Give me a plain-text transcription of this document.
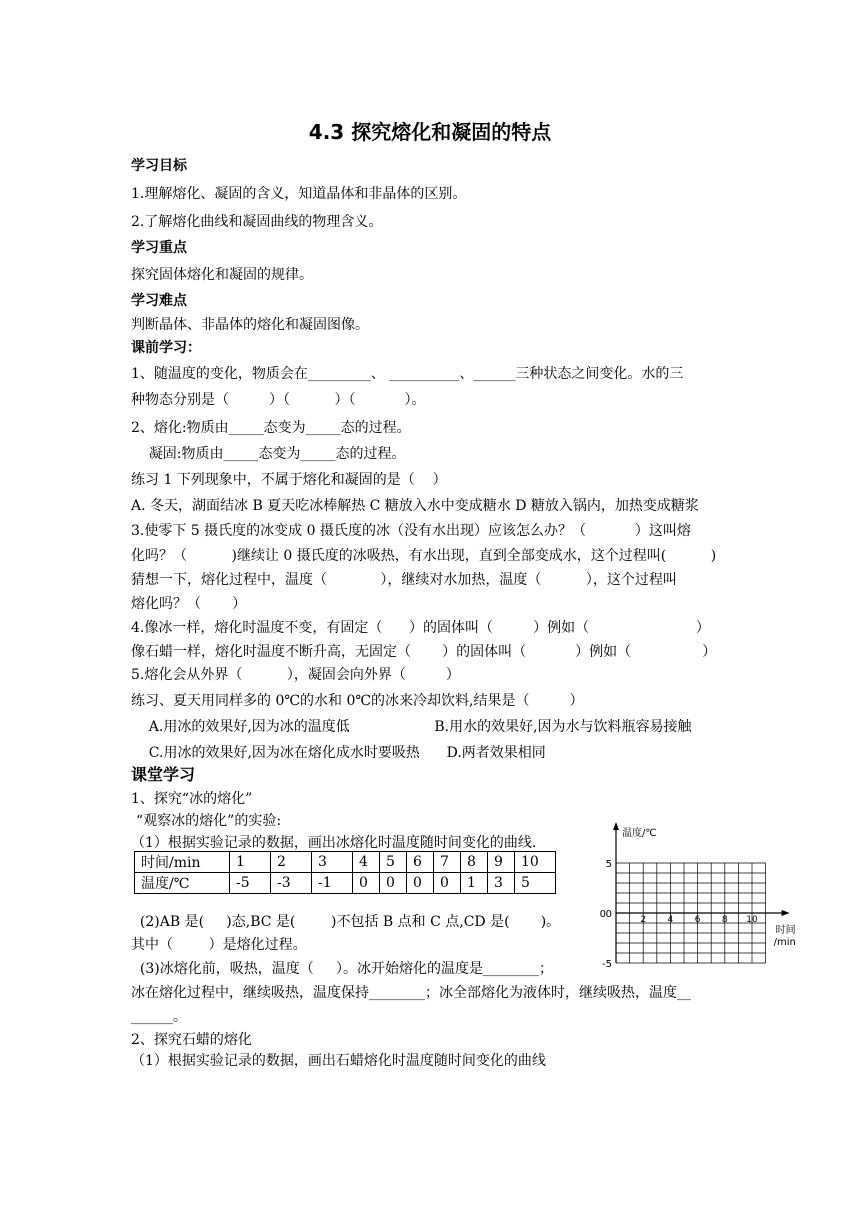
4.3 探究熔化和凝固的特点
学习目标
1.理解熔化、凝固的含义，知道晶体和非晶体的区别。
2.了解熔化曲线和凝固曲线的物理含义。
学习重点
探究固体熔化和凝固的规律。
学习难点
判断晶体、非晶体的熔化和凝固图像。
课前学习：
1、随温度的变化，物质会在_________、 __________、______三种状态之间变化。水的三
种物态分别是（         ）（          ）（           ）。
2、熔化:物质由_____态变为_____态的过程。
凝固:物质由_____态变为_____态的过程。
练习 1 下列现象中，不属于熔化和凝固的是（    ）
A. 冬天，湖面结冰 B 夏天吃冰棒解热 C 糖放入水中变成糖水 D 糖放入锅内，加热变成糖浆
3.使零下 5 摄氏度的冰变成 0 摄氏度的冰（没有水出现）应该怎么办？（           ）这叫熔
化吗？（          )继续让 0 摄氏度的冰吸热，有水出现，直到全部变成水，这个过程叫(          )
猜想一下，熔化过程中，温度（            ），继续对水加热，温度（          ），这个过程叫
熔化吗？（       ）
4.像冰一样，熔化时温度不变，有固定（      ）的固体叫（         ）例如（                        ）
像石蜡一样，熔化时温度不断升高，无固定（       ）的固体叫（           ）例如（                ）
5.熔化会从外界（          ），凝固会向外界（         ）
练习、夏天用同样多的 0℃的水和 0℃的冰来冷却饮料,结果是（         ）
A.用冰的效果好,因为冰的温度低                   B.用水的效果好,因为水与饮料瓶容易接触
C.用冰的效果好,因为冰在熔化成水时要吸热      D.两者效果相同
课堂学习
1、探究“冰的熔化”
“观察冰的熔化”的实验:
（1）根据实验记录的数据，画出冰熔化时温度随时间变化的曲线.
(2)AB 是(     )态,BC 是(        )不包括 B 点和 C 点,CD 是(       )。
其中（        ）是熔化过程。
(3)冰熔化前，吸热，温度（     ）。冰开始熔化的温度是________；
冰在熔化过程中，继续吸热，温度保持________；冰全部熔化为液体时，继续吸热，温度__
______。
2、探究石蜡的熔化
（1）根据实验记录的数据，画出石蜡熔化时温度随时间变化的曲线
时间/min	1	2	3	4	5	6	7	8	9	10
温度/℃	-5	-3	-1	0	0	0	0	1	3	5
温度/℃
5
0
-5
2 4 6 8 10
0
时间
/min
